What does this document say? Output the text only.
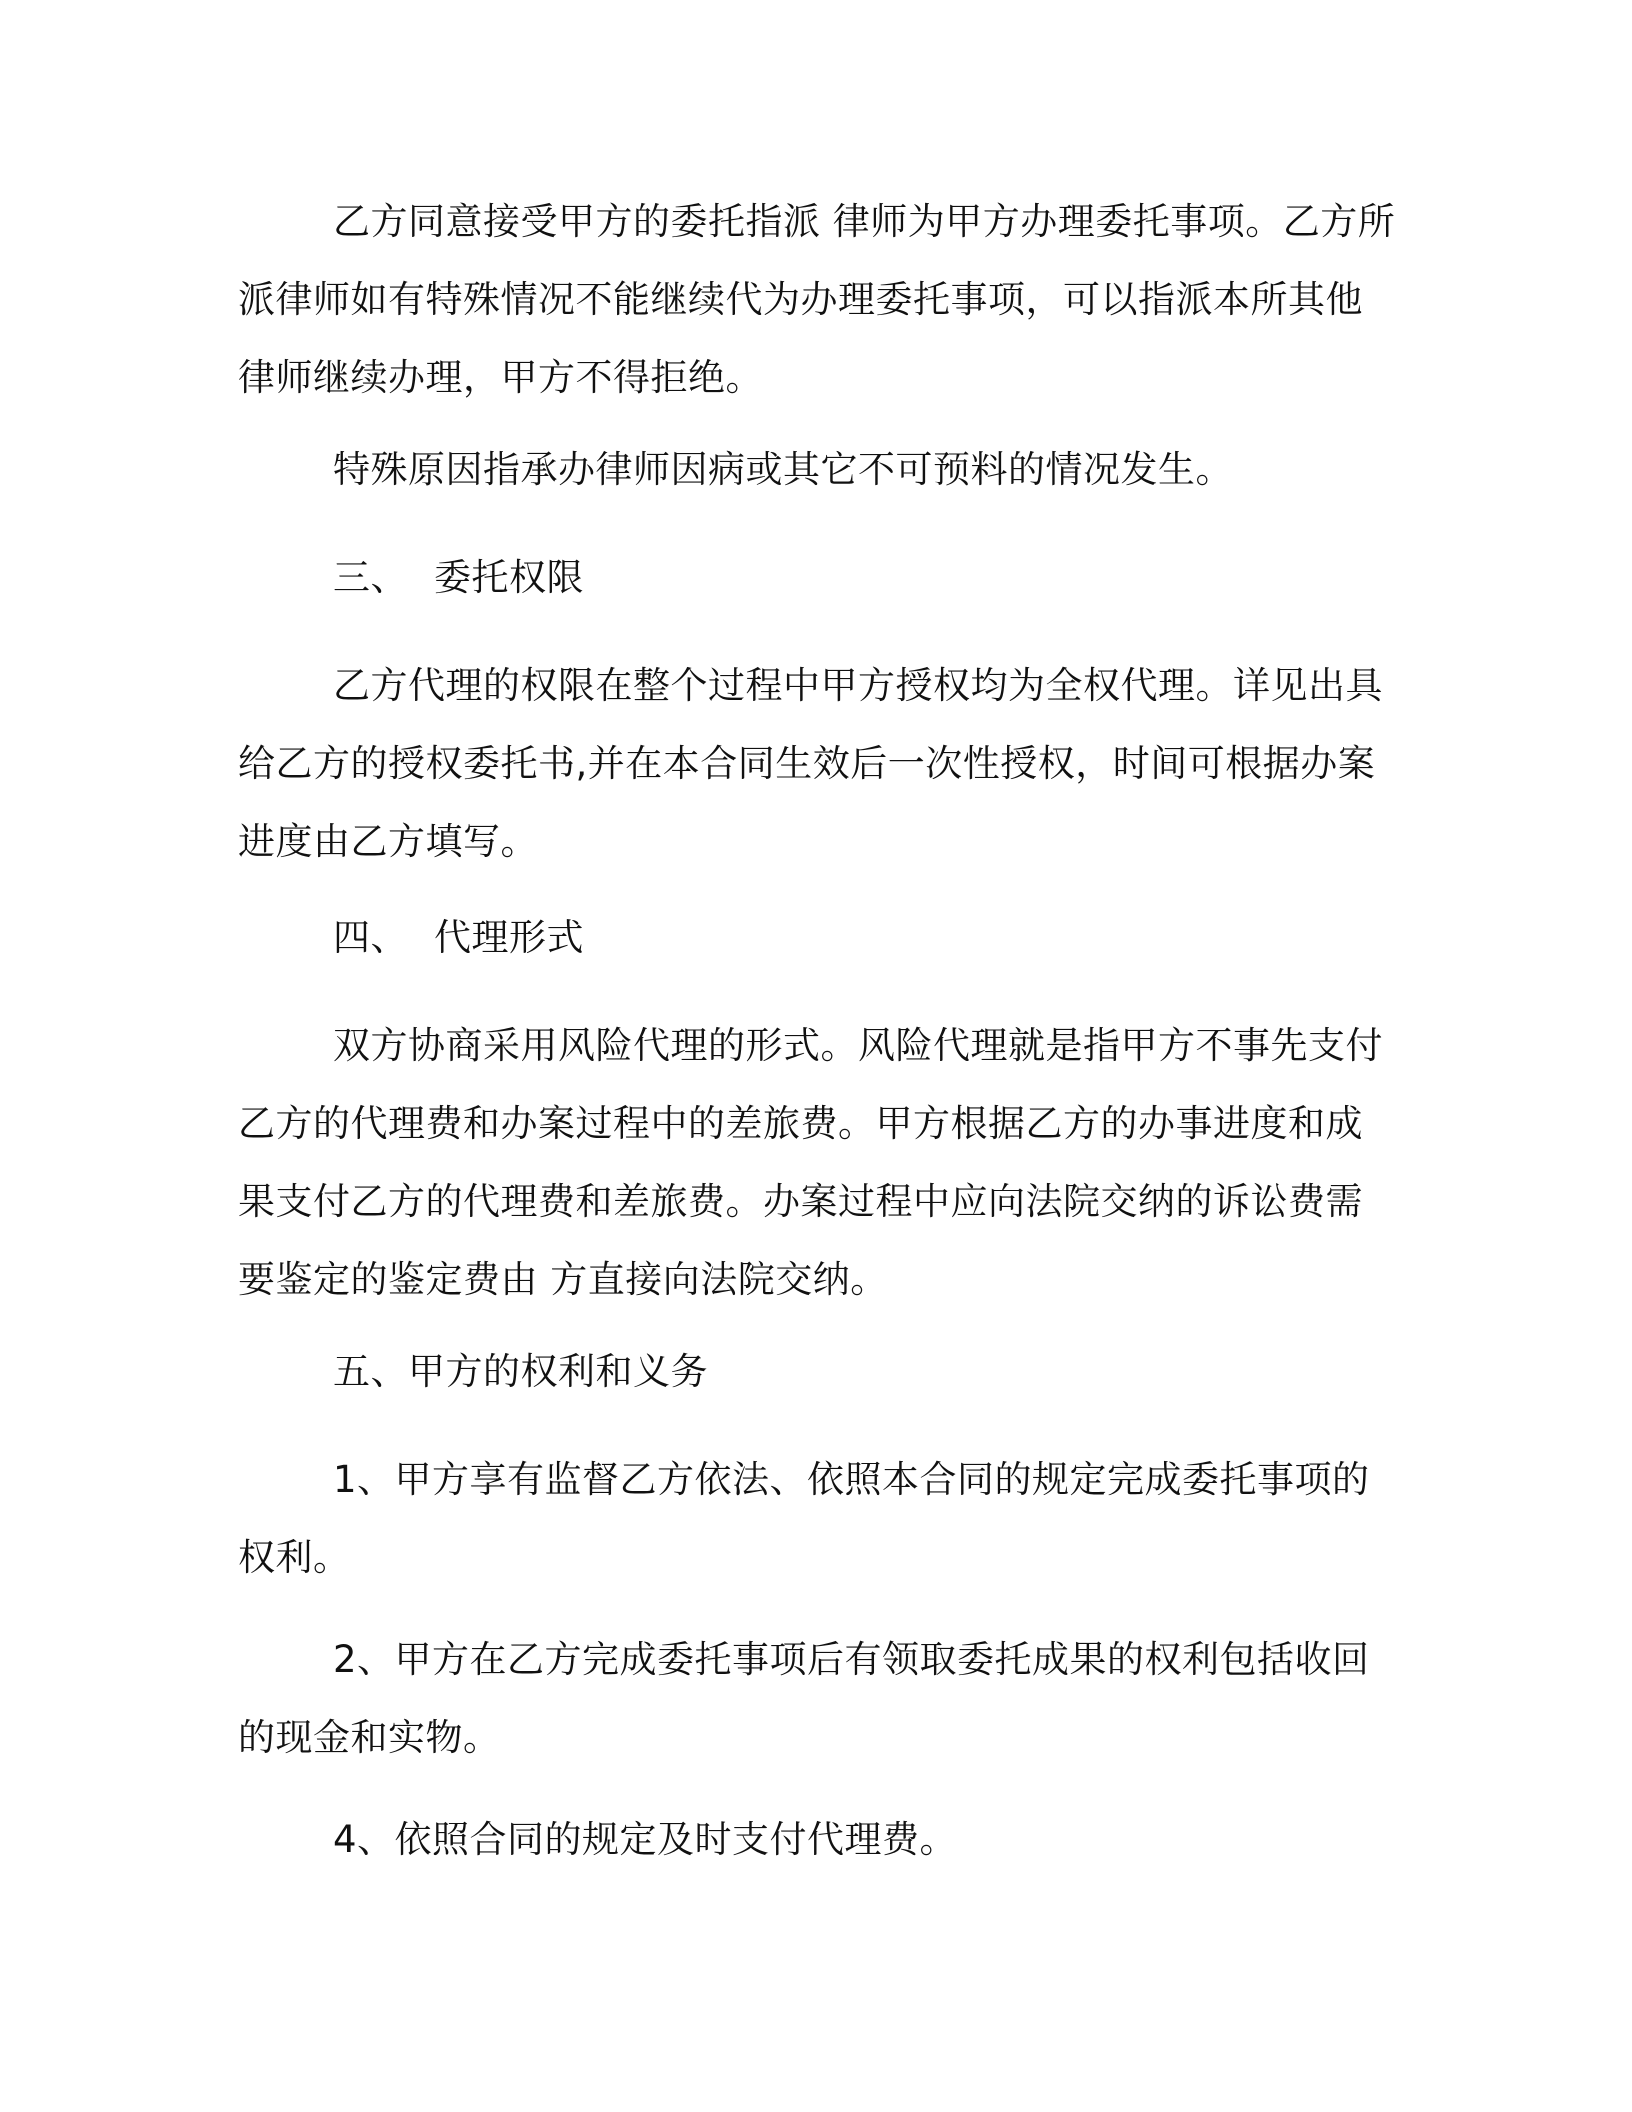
乙方同意接受甲方的委托指派 律师为甲方办理委托事项。乙方所
派律师如有特殊情况不能继续代为办理委托事项，可以指派本所其他
律师继续办理，甲方不得拒绝。
特殊原因指承办律师因病或其它不可预料的情况发生。
三、 委托权限
乙方代理的权限在整个过程中甲方授权均为全权代理。详见出具
给乙方的授权委托书,并在本合同生效后一次性授权，时间可根据办案
进度由乙方填写。
四、 代理形式
双方协商采用风险代理的形式。风险代理就是指甲方不事先支付
乙方的代理费和办案过程中的差旅费。甲方根据乙方的办事进度和成
果支付乙方的代理费和差旅费。办案过程中应向法院交纳的诉讼费需
要鉴定的鉴定费由 方直接向法院交纳。
五、甲方的权利和义务
1、甲方享有监督乙方依法、依照本合同的规定完成委托事项的
权利。
2、甲方在乙方完成委托事项后有领取委托成果的权利包括收回
的现金和实物。
4、依照合同的规定及时支付代理费。
